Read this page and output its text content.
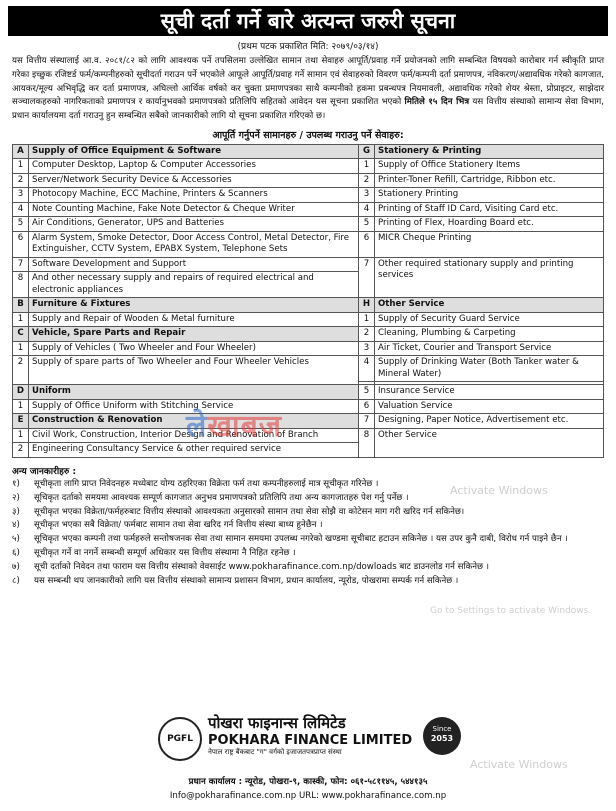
सूची दर्ता गर्ने बारे अत्यन्त जरुरी सूचना
(प्रथम पटक प्रकाशित मिति: २०७९/०३/१४)
यस वित्तीय संस्थालाई आ.व. २०८१/८२ को लागि आवश्यक पर्ने तपसिलमा उल्लेखित सामान तथा सेवाहरु आपूर्ति/प्रवाह गर्ने प्रयोजनको लागि सम्बन्धित विषयको कारोबार गर्न स्वीकृति प्राप्त गरेका इच्छुक रजिष्टर्ड फर्म/कम्पनीहरुको सूचीदर्ता गराउन पर्ने भएकोले आफूले आपूर्ति/प्रवाह गर्ने सामान एवं सेवाहरुको विवरण फर्म/कम्पनी दर्ता प्रमाणपत्र, नविकरण/अद्यावधिक गरेको कागजात, आयकर/मूल्य अभिवृद्धि कर दर्ता प्रमाणपत्र, अघिल्लो आर्थिक वर्षको कर चुक्ता प्रमाणपत्रका साथै कम्पनीको हकमा प्रबन्धपत्र नियमावली, अद्यावधिक गरेको शेयर श्रेस्ता, प्रोप्राइटर, साझेदार सञ्चालकहरुको नागरिकताको प्रमाणपत्र र कार्यानुभवको प्रमाणपत्रको प्रतिलिपि सहितको आवेदन यस सूचना प्रकाशित भएको मितिले १५ दिन भित्र यस वित्तीय संस्थाको सामान्य सेवा विभाग, प्रधान कार्यालयमा दर्ता गराउनु हुन सम्बन्धित सबैको जानकारीको लागि यो सूचना प्रकाशित गरिएको छ।
आपूर्ति गर्नुपर्ने सामानहरु / उपलब्ध गराउनु पर्ने सेवाहरु:
A	Supply of Office Equipment & Software	G	Stationery & Printing
1	Computer Desktop, Laptop & Computer Accessories	1	Supply of Office Stationery Items
2	Server/Network Security Device & Accessories	2	Printer-Toner Refill, Cartridge, Ribbon etc.
3	Photocopy Machine, ECC Machine, Printers & Scanners	3	Stationery Printing
4	Note Counting Machine, Fake Note Detector & Cheque Writer	4	Printing of Staff ID Card, Visiting Card etc.
5	Air Conditions, Generator, UPS and Batteries	5	Printing of Flex, Hoarding Board etc.
6	Alarm System, Smoke Detector, Door Access Control, Metal Detector, Fire Extinguisher, CCTV System, EPABX System, Telephone Sets	6	MICR Cheque Printing
7	Software Development and Support	7	Other required stationary supply and printing services
8	And other necessary supply and repairs of required electrical and electronic appliances		
B	Furniture & Fixtures	H	Other Service
1	Supply and Repair of Wooden & Metal furniture	1	Supply of Security Guard Service
C	Vehicle, Spare Parts and Repair	2	Cleaning, Plumbing & Carpeting
1	Supply of Vehicles ( Two Wheeler and Four Wheeler)	3	Air Ticket, Courier and Transport Service
2	Supply of spare parts of Two Wheeler and Four Wheeler Vehicles	4	Supply of Drinking Water (Both Tanker water & Mineral Water)

D	Uniform	5	Insurance Service
1	Supply of Office Uniform with Stitching Service	6	Valuation Service
E	Construction & Renovation	7	Designing, Paper Notice, Advertisement etc.
1	Civil Work, Construction, Interior Design and Renovation of Branch	8	Other Service
2	Engineering Consultancy Service & other required service		
अन्य जानकारीहरु :
१)	सूचीकृता लागि प्राप्त निवेदनहरु मध्येबाट योग्य ठहरिएका विक्रेता फर्म तथा कम्पनीहरुलाई मात्र सूचीकृत गरिनेछ ।
२)	सूचिकृत दर्ताको समयमा आवश्यक सम्पूर्ण कागजात अनुभव प्रमाणपत्रको प्रतिलिपि तथा अन्य कागजातहरु पेश गर्नु पर्नेछ ।
३)	सूचीकृत भएका विक्रेता/फर्महरुबाट वित्तीय संस्थाको आवश्यकता अनुसारको सामान तथा सेवा सोझै वा कोटेसन माग गरी खरिद गर्न सकिनेछ।
४)	सूचीकृत भएका सबै विक्रेता/ फर्मबाट सामान तथा सेवा खरिद गर्न वित्तीय संस्था बाध्य हुनेछैन ।
५)	सूचिकृत भएका कम्पनी तथा फर्महरुले सन्तोषजनक सेवा तथा सामान समयमा उपलब्ध नगरेको खण्डमा सूचीबाट हटाउन सकिनेछ । यस उपर कुनै दाबी, विरोध गर्न पाइने छैन ।
६)	सूचीकृत गर्ने वा नगर्ने सम्बन्धी सम्पूर्ण अधिकार यस वित्तीय संस्थामा नै निहित रहनेछ ।
७)	सूची दर्ताको निवेदन तथा फाराम यस वित्तीय संस्थाको वेवसाईट www.pokharafinance.com.np/dowloads बाट डाउनलोड गर्न सकिनेछ ।
८)	यस सम्बन्धी थप जानकारीको लागि यस वित्तीय संस्थाको सामान्य प्रशासन विभाग, प्रधान कार्यालय, न्यूरोड, पोखरामा सम्पर्क गर्न सकिनेछ ।
PGFL
पोखरा फाइनान्स लिमिटेड
POKHARA FINANCE LIMITED
नेपाल राष्ट्र बैंकबाट "ग" वर्गको इजाजतपत्रप्राप्त संस्था
Since
2053
प्रधान कार्यालय : न्यूरोड, पोखरा-९, कास्की, फोन: ०६१-५८११४५, ५४४१३५
Info@pokharafinance.com.np URL: www.pokharafinance.com.np
लेखाबज
Activate Windows
Go to Settings to activate Windows.
Activate Windows
